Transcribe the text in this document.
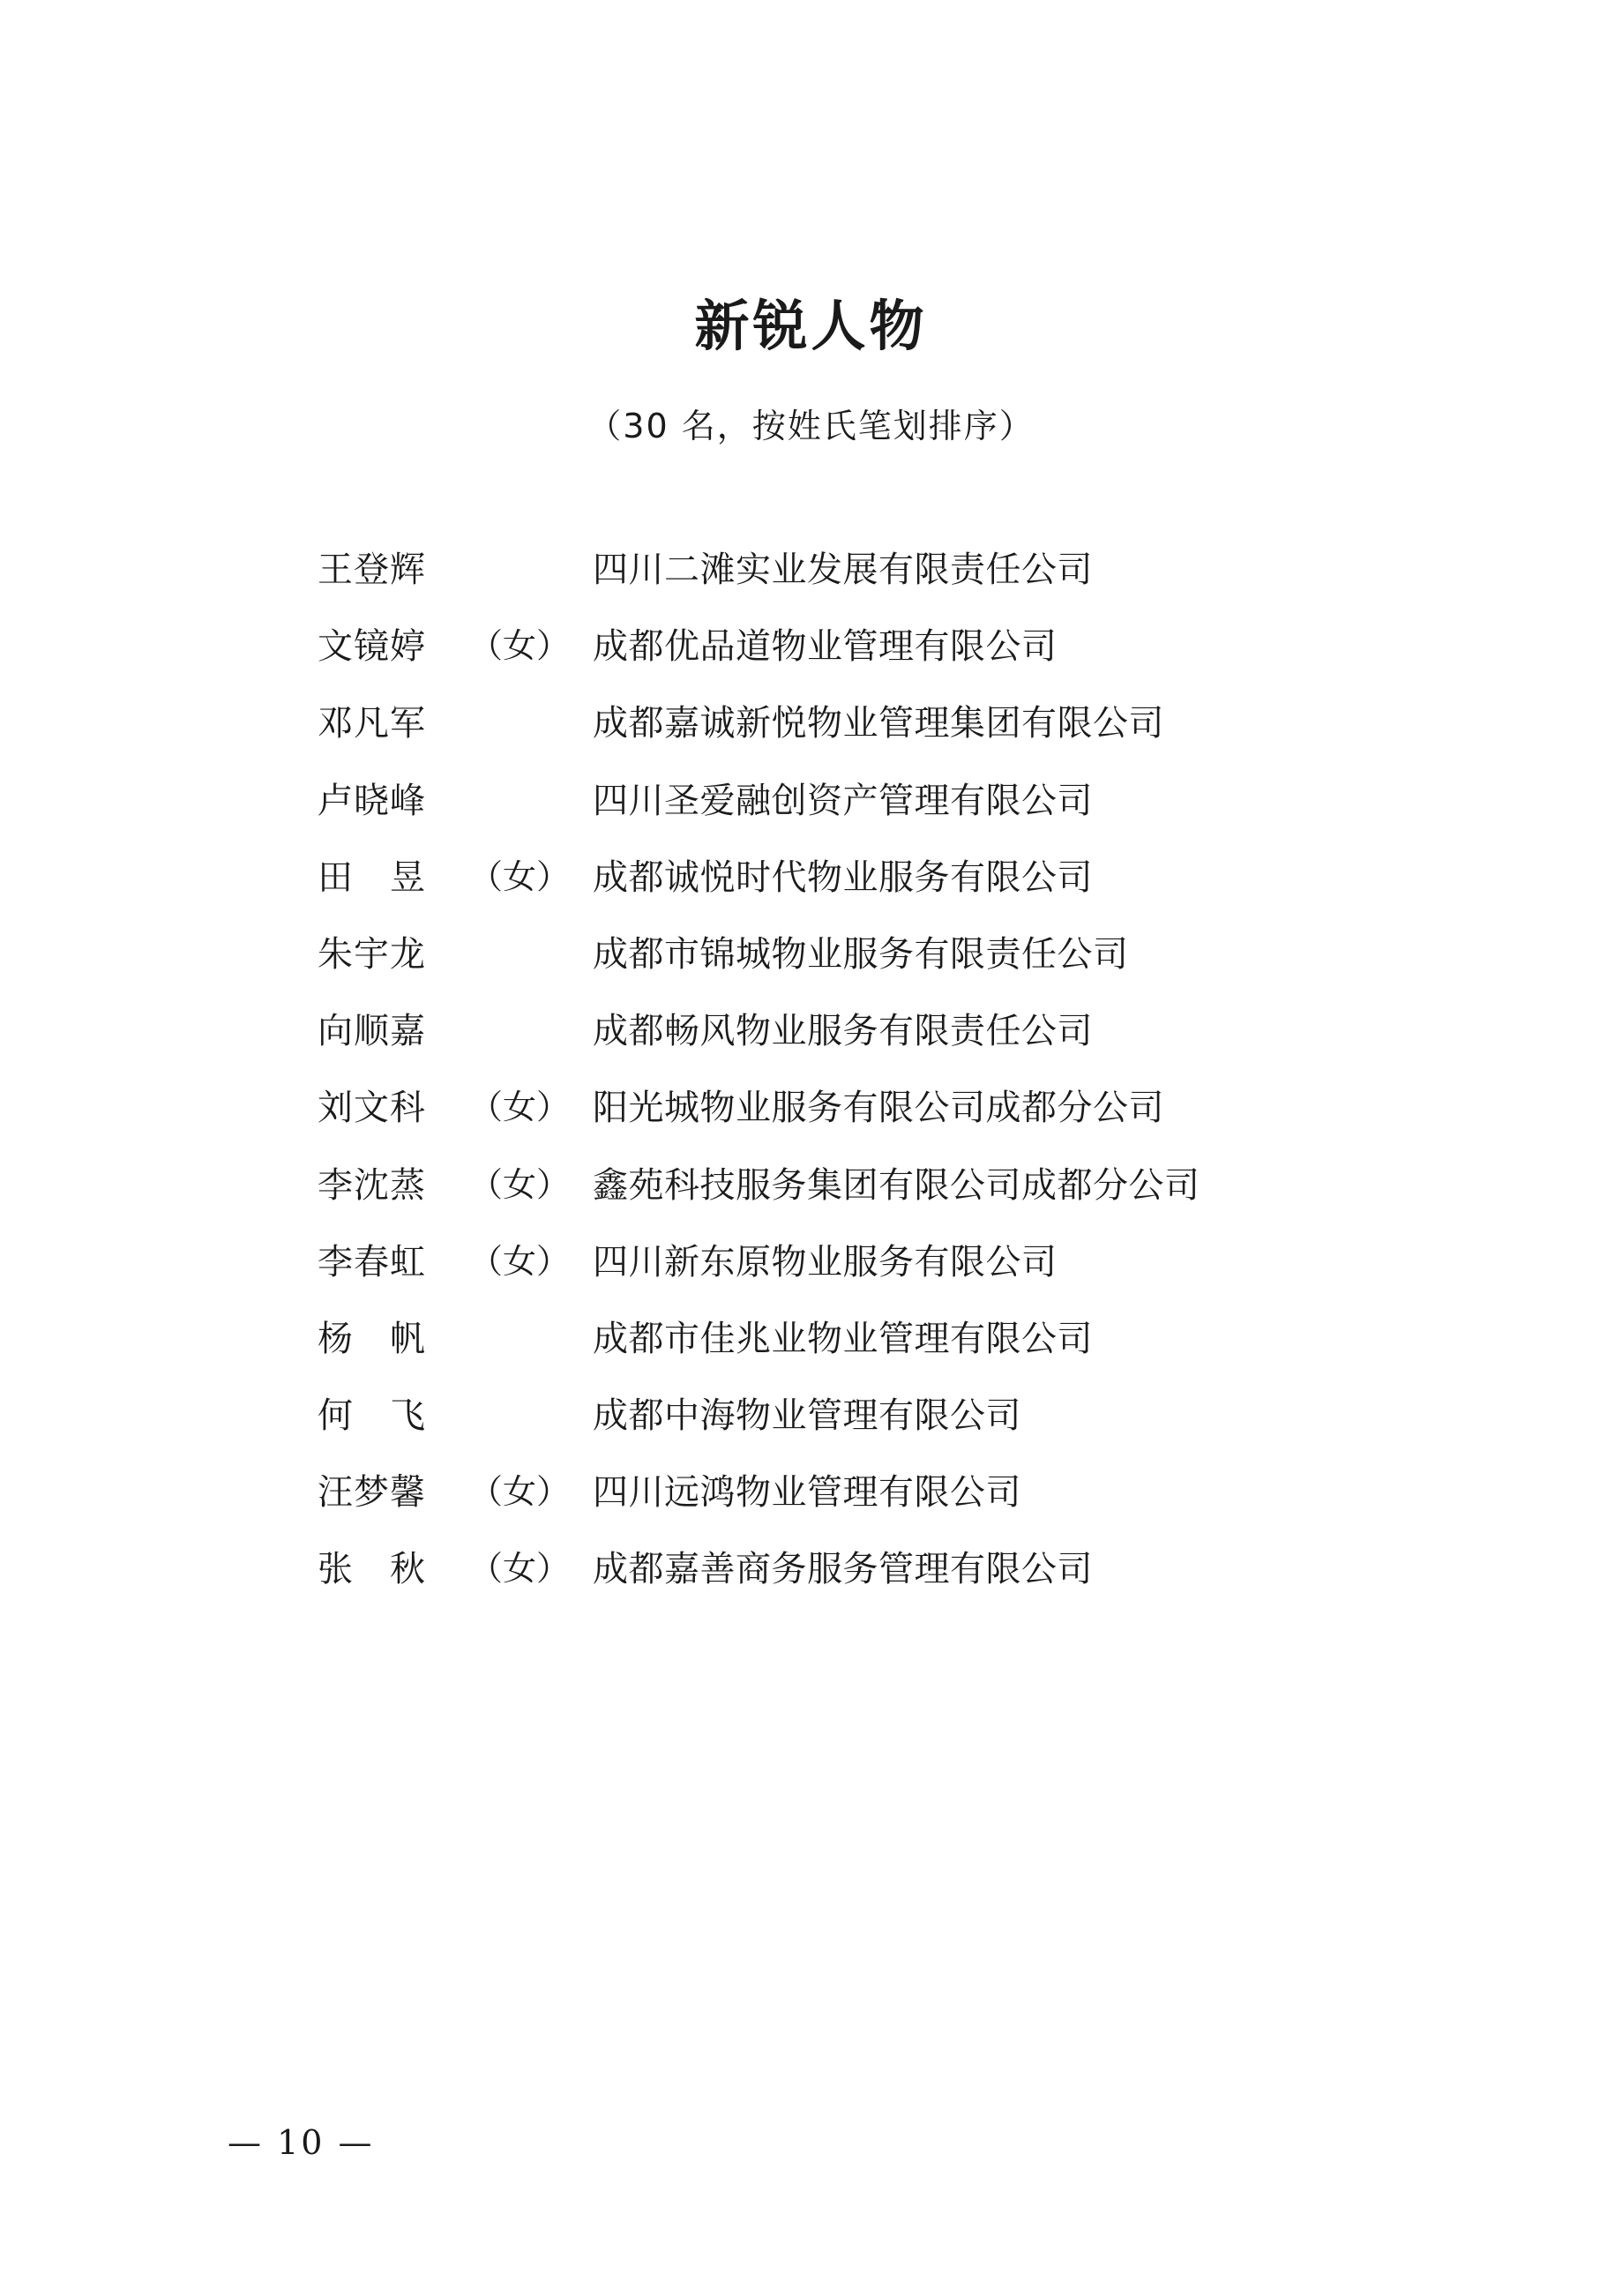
新锐人物
（30 名，按姓氏笔划排序）
王登辉	四川二滩实业发展有限责任公司
文镜婷	（女） 成都优品道物业管理有限公司
邓凡军	成都嘉诚新悦物业管理集团有限公司
卢晓峰	四川圣爱融创资产管理有限公司
田　昱	（女） 成都诚悦时代物业服务有限公司
朱宇龙	成都市锦城物业服务有限责任公司
向顺嘉	成都畅风物业服务有限责任公司
刘文科	（女） 阳光城物业服务有限公司成都分公司
李沈蒸	（女） 鑫苑科技服务集团有限公司成都分公司
李春虹	（女） 四川新东原物业服务有限公司
杨　帆	成都市佳兆业物业管理有限公司
何　飞	成都中海物业管理有限公司
汪梦馨	（女） 四川远鸿物业管理有限公司
张　秋	（女） 成都嘉善商务服务管理有限公司
— 10 —
